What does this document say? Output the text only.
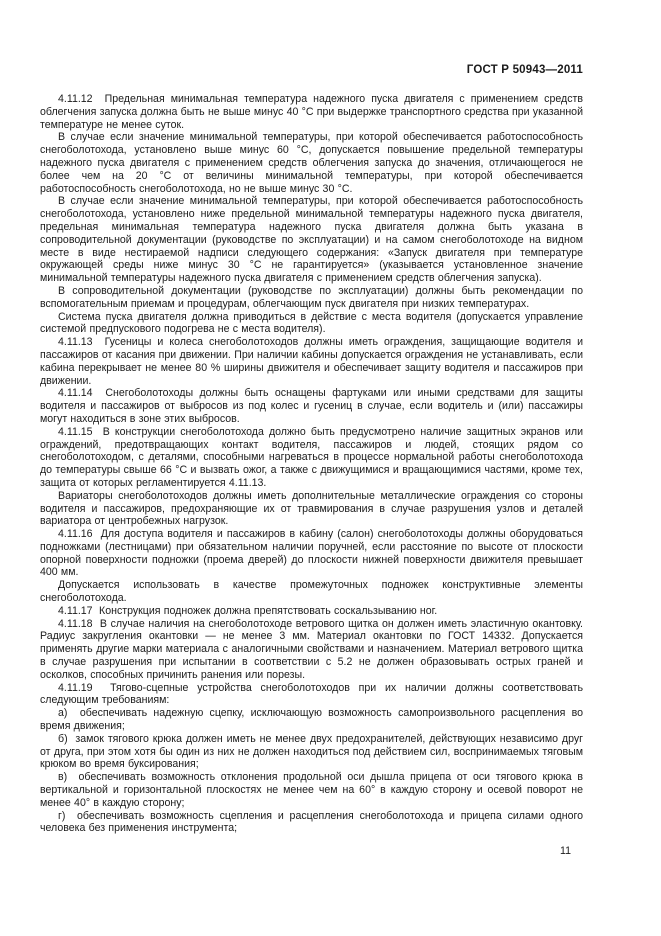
ГОСТ Р 50943—2011

4.11.12  Предельная минимальная температура надежного пуска двигателя с применением средств облегчения запуска должна быть не выше минус 40 °С при выдержке транспортного средства при указанной температуре не менее суток.

В случае если значение минимальной температуры, при которой обеспечивается работоспособность снегоболотохода, установлено выше минус 60 °С, допускается повышение предельной температуры надежного пуска двигателя с применением средств облегчения запуска до значения, отличающегося не более чем на 20 °С от величины минимальной температуры, при которой обеспечивается работоспособность снегоболотохода, но не выше минус 30 °С.

В случае если значение минимальной температуры, при которой обеспечивается работоспособность снегоболотохода, установлено ниже предельной минимальной температуры надежного пуска двигателя, предельная минимальная температура надежного пуска двигателя должна быть указана в сопроводительной документации (руководстве по эксплуатации) и на самом снегоболотоходе на видном месте в виде нестираемой надписи следующего содержания: «Запуск двигателя при температуре окружающей среды ниже минус 30 °С не гарантируется» (указывается установленное значение минимальной температуры надежного пуска двигателя с применением средств облегчения запуска).

В сопроводительной документации (руководстве по эксплуатации) должны быть рекомендации по вспомогательным приемам и процедурам, облегчающим пуск двигателя при низких температурах.

Система пуска двигателя должна приводиться в действие с места водителя (допускается управление системой предпускового подогрева не с места водителя).

4.11.13  Гусеницы и колеса снегоболотоходов должны иметь ограждения, защищающие водителя и пассажиров от касания при движении. При наличии кабины допускается ограждения не устанавливать, если кабина перекрывает не менее 80 % ширины движителя и обеспечивает защиту водителя и пассажиров при движении.

4.11.14  Снегоболотоходы должны быть оснащены фартуками или иными средствами для защиты водителя и пассажиров от выбросов из под колес и гусениц в случае, если водитель и (или) пассажиры могут находиться в зоне этих выбросов.

4.11.15  В конструкции снегоболотохода должно быть предусмотрено наличие защитных экранов или ограждений, предотвращающих контакт водителя, пассажиров и людей, стоящих рядом со снегоболотоходом, с деталями, способными нагреваться в процессе нормальной работы снегоболотохода до температуры свыше 66 °С и вызвать ожог, а также с движущимися и вращающимися частями, кроме тех, защита от которых регламентируется 4.11.13.

Вариаторы снегоболотоходов должны иметь дополнительные металлические ограждения со стороны водителя и пассажиров, предохраняющие их от травмирования в случае разрушения узлов и деталей вариатора от центробежных нагрузок.

4.11.16  Для доступа водителя и пассажиров в кабину (салон) снегоболотоходы должны оборудоваться подножками (лестницами) при обязательном наличии поручней, если расстояние по высоте от плоскости опорной поверхности подножки (проема дверей) до плоскости нижней поверхности движителя превышает 400 мм.

Допускается использовать в качестве промежуточных подножек конструктивные элементы снегоболотохода.

4.11.17  Конструкция подножек должна препятствовать соскальзыванию ног.

4.11.18  В случае наличия на снегоболотоходе ветрового щитка он должен иметь эластичную окантовку. Радиус закругления окантовки — не менее 3 мм. Материал окантовки по ГОСТ 14332. Допускается применять другие марки материала с аналогичными свойствами и назначением. Материал ветрового щитка в случае разрушения при испытании в соответствии с 5.2 не должен образовывать острых граней и осколков, способных причинить ранения или порезы.

4.11.19  Тягово-сцепные устройства снегоболотоходов при их наличии должны соответствовать следующим требованиям:

а)  обеспечивать надежную сцепку, исключающую возможность самопроизвольного расцепления во время движения;

б)  замок тягового крюка должен иметь не менее двух предохранителей, действующих независимо друг от друга, при этом хотя бы один из них не должен находиться под действием сил, воспринимаемых тяговым крюком во время буксирования;

в)  обеспечивать возможность отклонения продольной оси дышла прицепа от оси тягового крюка в вертикальной и горизонтальной плоскостях не менее чем на 60° в каждую сторону и осевой поворот не менее 40° в каждую сторону;

г)  обеспечивать возможность сцепления и расцепления снегоболотохода и прицепа силами одного человека без применения инструмента;

11
